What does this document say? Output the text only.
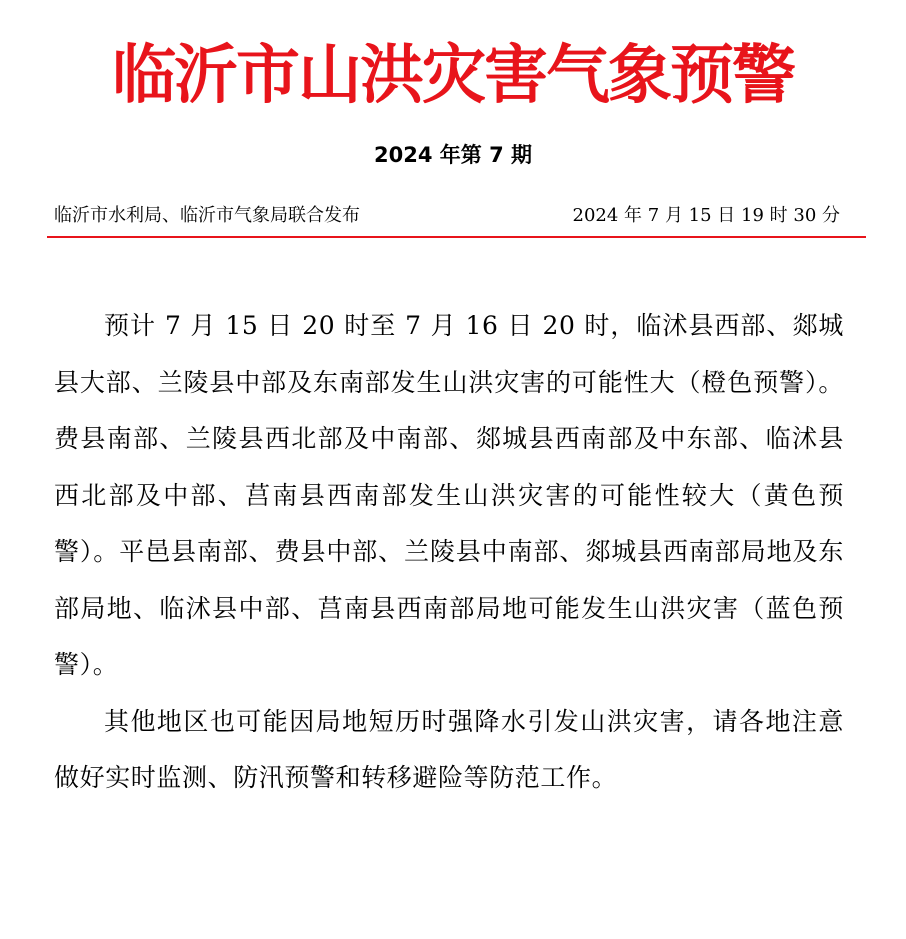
临沂市山洪灾害气象预警
2024 年第 7 期
临沂市水利局、临沂市气象局联合发布	2024 年 7 月 15 日 19 时 30 分

预计 7 月 15 日 20 时至 7 月 16 日 20 时，临沭县西部、郯城县大部、兰陵县中部及东南部发生山洪灾害的可能性大（橙色预警）。费县南部、兰陵县西北部及中南部、郯城县西南部及中东部、临沭县西北部及中部、莒南县西南部发生山洪灾害的可能性较大（黄色预警）。平邑县南部、费县中部、兰陵县中南部、郯城县西南部局地及东部局地、临沭县中部、莒南县西南部局地可能发生山洪灾害（蓝色预警）。

其他地区也可能因局地短历时强降水引发山洪灾害，请各地注意做好实时监测、防汛预警和转移避险等防范工作。
